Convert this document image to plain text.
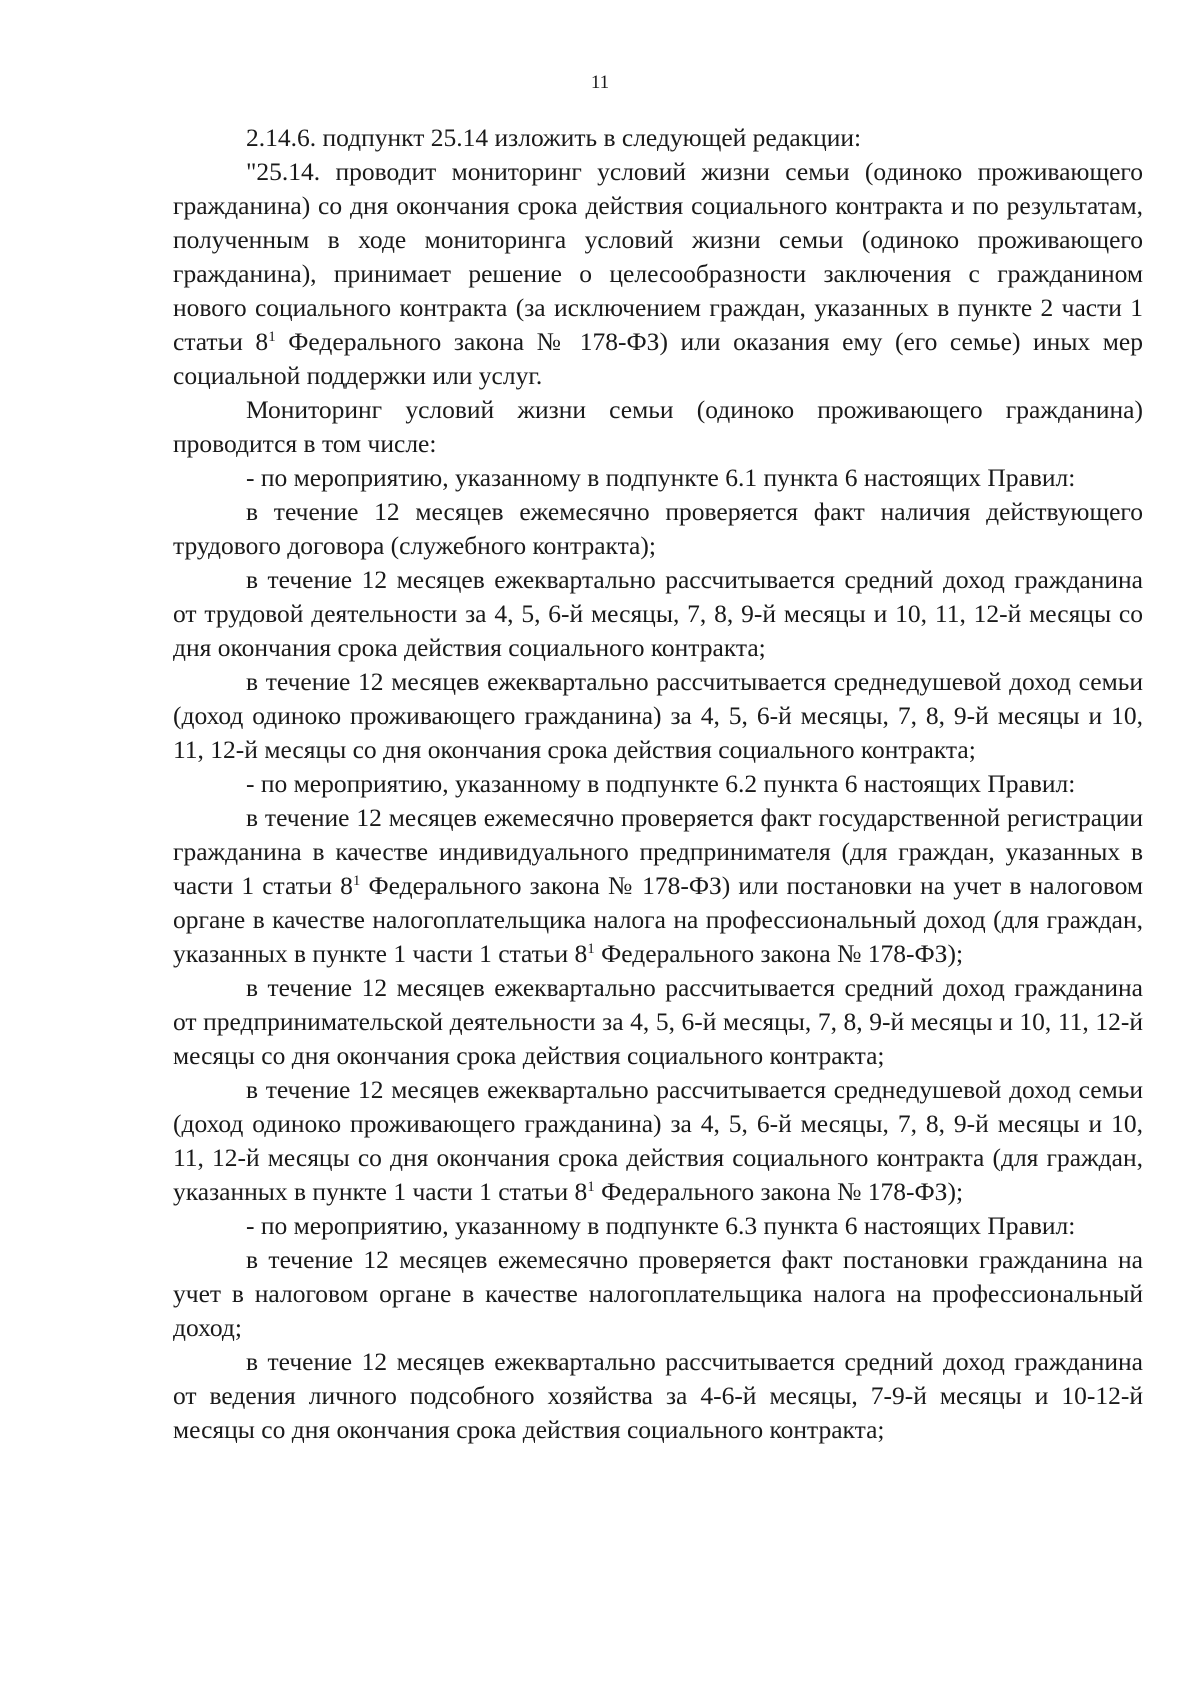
11

2.14.6. подпункт 25.14 изложить в следующей редакции:

"25.14. проводит мониторинг условий жизни семьи (одиноко проживающего гражданина) со дня окончания срока действия социального контракта и по результатам, полученным в ходе мониторинга условий жизни семьи (одиноко проживающего гражданина), принимает решение о целесообразности заключения с гражданином нового социального контракта (за исключением граждан, указанных в пункте 2 части 1 статьи $8^1$ Федерального закона № 178-ФЗ) или оказания ему (его семье) иных мер социальной поддержки или услуг.

Мониторинг условий жизни семьи (одиноко проживающего гражданина) проводится в том числе:

- по мероприятию, указанному в подпункте 6.1 пункта 6 настоящих Правил:

в течение 12 месяцев ежемесячно проверяется факт наличия действующего трудового договора (служебного контракта);

в течение 12 месяцев ежеквартально рассчитывается средний доход гражданина от трудовой деятельности за 4, 5, 6-й месяцы, 7, 8, 9-й месяцы и 10, 11, 12-й месяцы со дня окончания срока действия социального контракта;

в течение 12 месяцев ежеквартально рассчитывается среднедушевой доход семьи (доход одиноко проживающего гражданина) за 4, 5, 6-й месяцы, 7, 8, 9-й месяцы и 10, 11, 12-й месяцы со дня окончания срока действия социального контракта;

- по мероприятию, указанному в подпункте 6.2 пункта 6 настоящих Правил:

в течение 12 месяцев ежемесячно проверяется факт государственной регистрации гражданина в качестве индивидуального предпринимателя (для граждан, указанных в части 1 статьи $8^1$ Федерального закона № 178-ФЗ) или постановки на учет в налоговом органе в качестве налогоплательщика налога на профессиональный доход (для граждан, указанных в пункте 1 части 1 статьи $8^1$ Федерального закона № 178-ФЗ);

в течение 12 месяцев ежеквартально рассчитывается средний доход гражданина от предпринимательской деятельности за 4, 5, 6-й месяцы, 7, 8, 9-й месяцы и 10, 11, 12-й месяцы со дня окончания срока действия социального контракта;

в течение 12 месяцев ежеквартально рассчитывается среднедушевой доход семьи (доход одиноко проживающего гражданина) за 4, 5, 6-й месяцы, 7, 8, 9-й месяцы и 10, 11, 12-й месяцы со дня окончания срока действия социального контракта (для граждан, указанных в пункте 1 части 1 статьи $8^1$ Федерального закона № 178-ФЗ);

- по мероприятию, указанному в подпункте 6.3 пункта 6 настоящих Правил:

в течение 12 месяцев ежемесячно проверяется факт постановки гражданина на учет в налоговом органе в качестве налогоплательщика налога на профессиональный доход;

в течение 12 месяцев ежеквартально рассчитывается средний доход гражданина от ведения личного подсобного хозяйства за 4-6-й месяцы, 7-9-й месяцы и 10-12-й месяцы со дня окончания срока действия социального контракта;
